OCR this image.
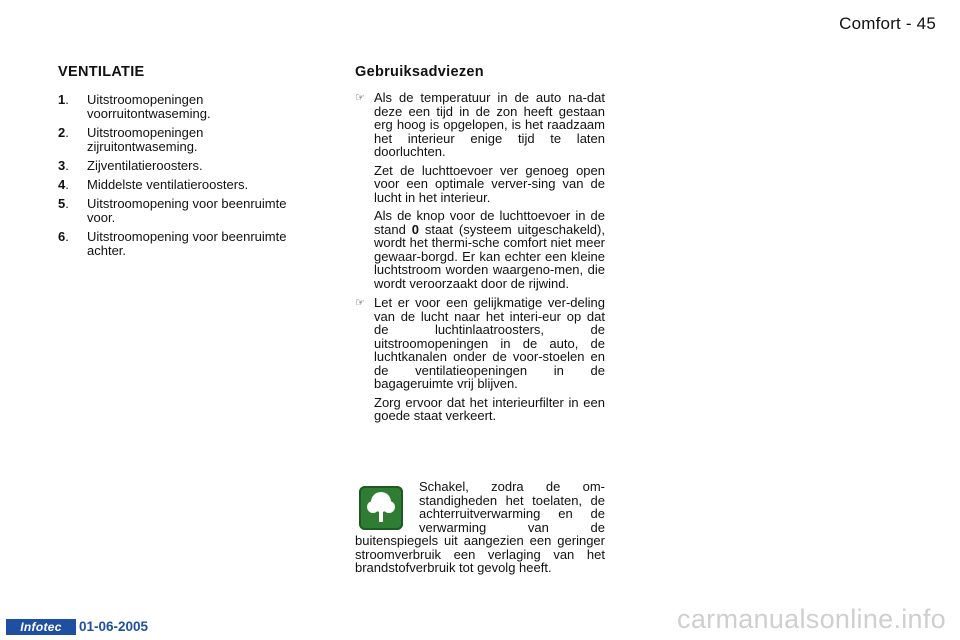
Comfort - 45
VENTILATIE
1.	Uitstroomopeningen voorruitontwaseming.
2.	Uitstroomopeningen zijruitontwaseming.
3.	Zijventilatieroosters.
4.	Middelste ventilatieroosters.
5.	Uitstroomopening voor beenruimte voor.
6.	Uitstroomopening voor beenruimte achter.
Gebruiksadviezen
☞ Als de temperatuur in de auto na-dat deze een tijd in de zon heeft gestaan erg hoog is opgelopen, is het raadzaam het interieur enige tijd te laten doorluchten.

Zet de luchttoevoer ver genoeg open voor een optimale verver-sing van de lucht in het interieur.

Als de knop voor de luchttoevoer in de stand 0 staat (systeem uitgeschakeld), wordt het thermi-sche comfort niet meer gewaar-borgd. Er kan echter een kleine luchtstroom worden waargeno-men, die wordt veroorzaakt door de rijwind.

☞ Let er voor een gelijkmatige ver-deling van de lucht naar het interi-eur op dat de luchtinlaatroosters, de uitstroomopeningen in de auto, de luchtkanalen onder de voor-stoelen en de ventilatieopeningen in de bagageruimte vrij blijven.

Zorg ervoor dat het interieurfilter in een goede staat verkeert.

Schakel, zodra de om-standigheden het toelaten, de achterruitverwarming en de verwarming van de buitenspiegels uit aangezien een geringer stroomverbruik een verlaging van het brandstofverbruik tot gevolg heeft.

Infotec	01-06-2005	carmanualsonline.info
